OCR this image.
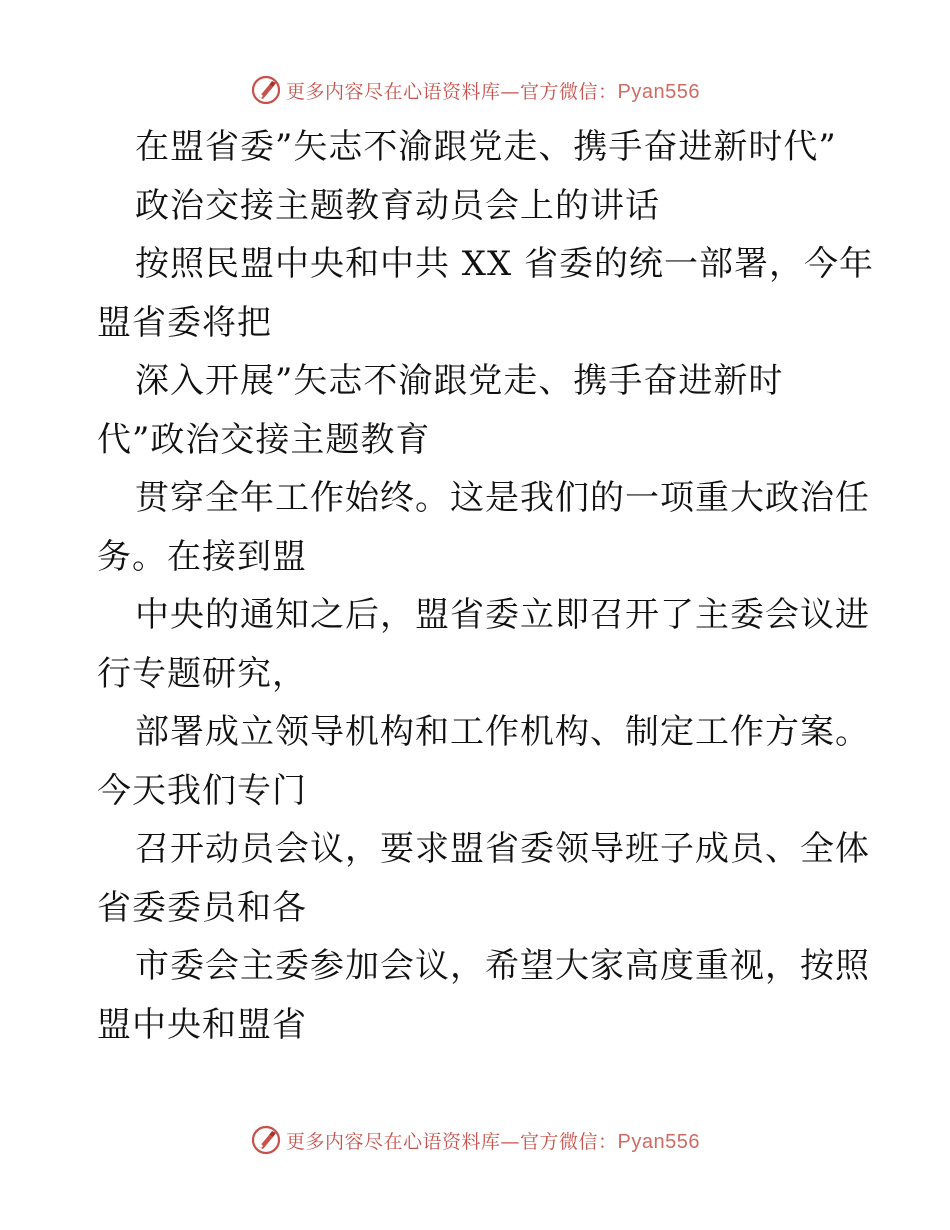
更多内容尽在心语资料库—官方微信：Pyan556
在盟省委”矢志不渝跟党走、携手奋进新时代”
政治交接主题教育动员会上的讲话
按照民盟中央和中共 XX 省委的统一部署，今年
盟省委将把
深入开展”矢志不渝跟党走、携手奋进新时
代”政治交接主题教育
贯穿全年工作始终。这是我们的一项重大政治任
务。在接到盟
中央的通知之后，盟省委立即召开了主委会议进
行专题研究，
部署成立领导机构和工作机构、制定工作方案。
今天我们专门
召开动员会议，要求盟省委领导班子成员、全体
省委委员和各
市委会主委参加会议，希望大家高度重视，按照
盟中央和盟省
更多内容尽在心语资料库—官方微信：Pyan556
